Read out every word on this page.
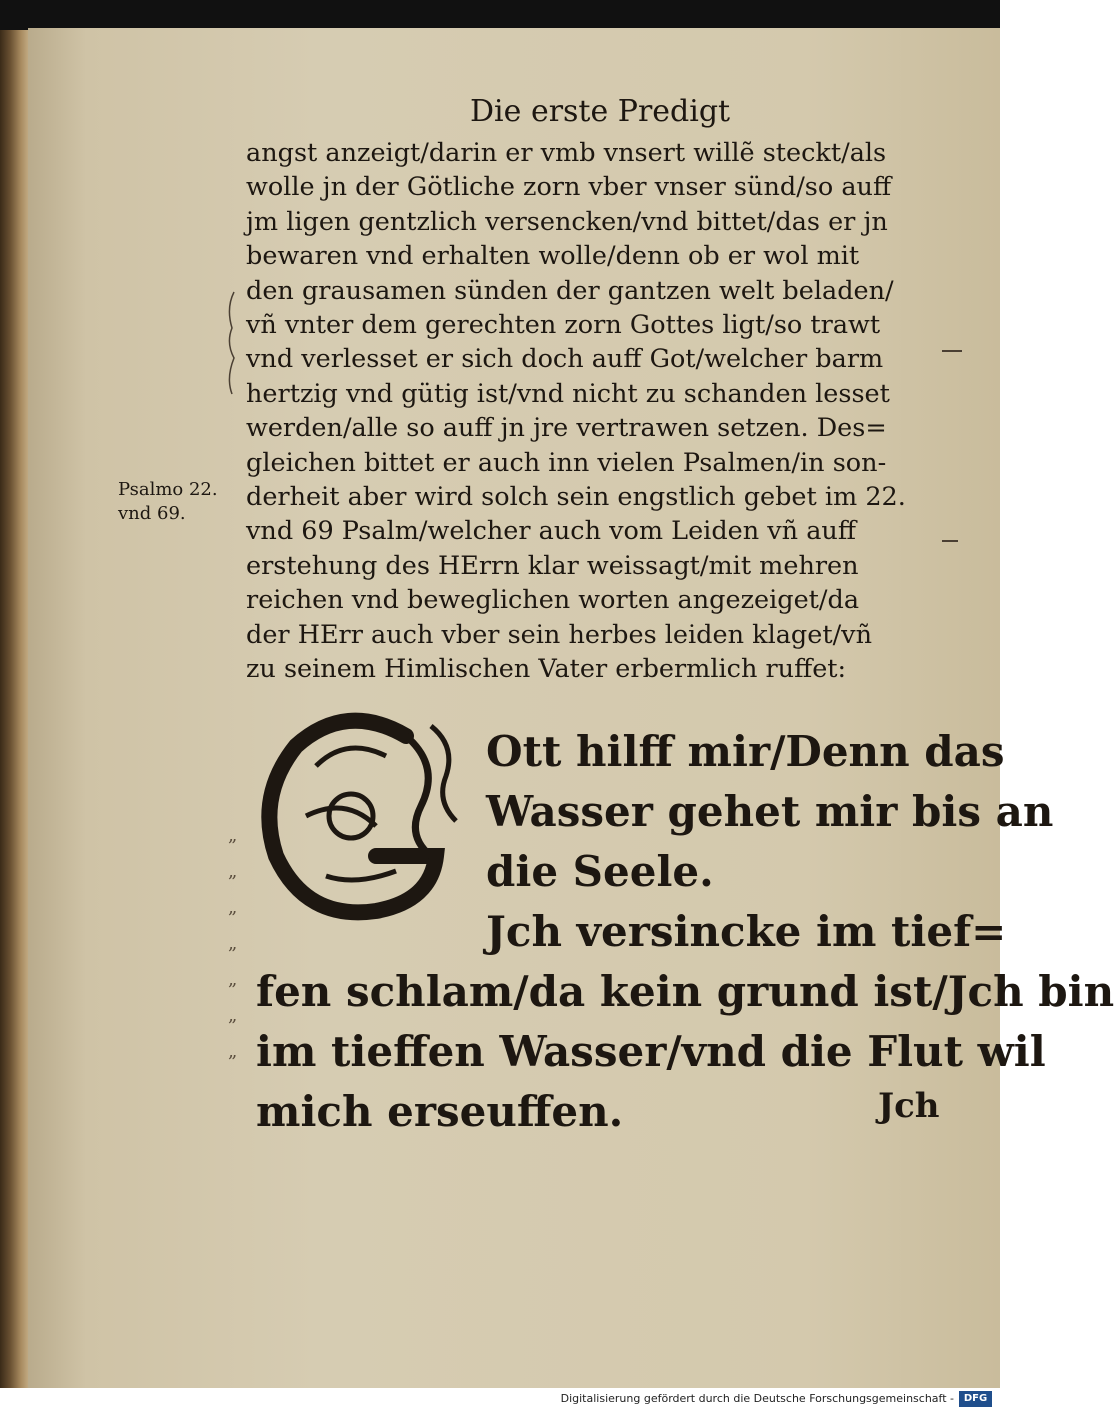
Die erste Predigt
angst anzeigt/darin er vmb vnsert willẽ steckt/als
wolle jn der Götliche zorn vber vnser sünd/so auff
jm ligen gentzlich versencken/vnd bittet/das er jn
bewaren vnd erhalten wolle/denn ob er wol mit
den grausamen sünden der gantzen welt beladen/
vñ vnter dem gerechten zorn Gottes ligt/so trawt
vnd verlesset er sich doch auff Got/welcher barm
hertzig vnd gütig ist/vnd nicht zu schanden lesset
werden/alle so auff jn jre vertrawen setzen. Des=
gleichen bittet er auch inn vielen Psalmen/in son-
derheit aber wird solch sein engstlich gebet im 22.
vnd 69 Psalm/welcher auch vom Leiden vñ auff
erstehung des HErrn klar weissagt/mit mehren
reichen vnd beweglichen worten angezeiget/da
der HErr auch vber sein herbes leiden klaget/vñ
zu seinem Himlischen Vater erbermlich ruffet:
Psalmo 22.
vnd 69.
Ott hilff mir/Denn das
Wasser gehet mir bis an
die Seele.
Jch versincke im tief=
fen schlam/da kein grund ist/Jch bin
im tieffen Wasser/vnd die Flut wil
mich erseuffen.
„
„
„
„
„
„
„
Jch
Digitalisierung gefördert durch die Deutsche Forschungsgemeinschaft - DFG
